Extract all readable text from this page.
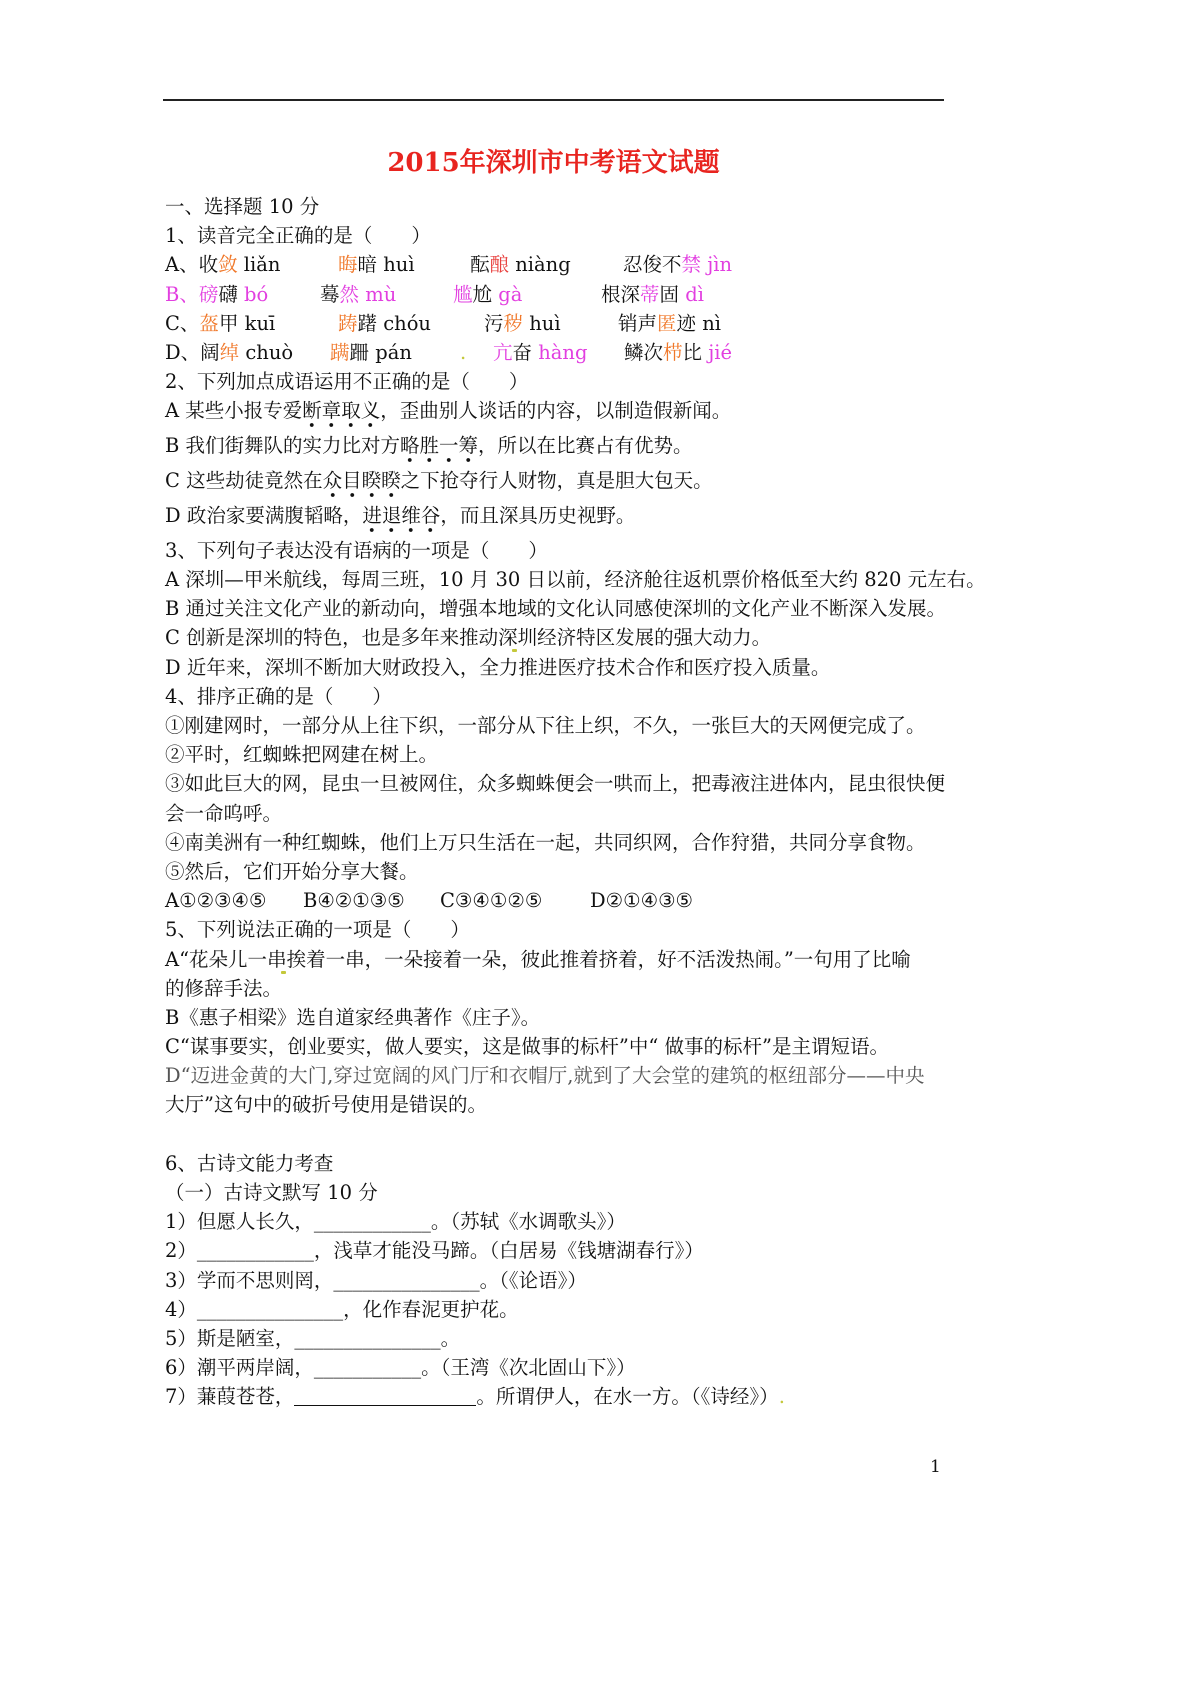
2015年深圳市中考语文试题
一、选择题 10 分
1、读音完全正确的是（　　）
A、收敛 liǎn	晦暗 huì	酝酿 niàng	忍俊不禁 jìn
B、磅礴 bó	蓦然 mù	尴尬 gà	根深蒂固 dì
C、盔甲 kuī	踌躇 chóu	污秽 huì	销声匿迹 nì
D、阔绰 chuò 蹒跚 pán . 亢奋 hàng 鳞次栉比 jié
2、下列加点成语运用不正确的是（　　）
A 某些小报专爱断章取义，歪曲别人谈话的内容，以制造假新闻。
B 我们街舞队的实力比对方略胜一筹，所以在比赛占有优势。
C 这些劫徒竟然在众目睽睽之下抢夺行人财物，真是胆大包天。
D 政治家要满腹韬略，进退维谷，而且深具历史视野。
3、下列句子表达没有语病的一项是（　　）
A 深圳—甲米航线，每周三班，10 月 30 日以前，经济舱往返机票价格低至大约 820 元左右。
B 通过关注文化产业的新动向，增强本地域的文化认同感使深圳的文化产业不断深入发展。
C 创新是深圳的特色，也是多年来推动深圳经济特区发展的强大动力。
D 近年来，深圳不断加大财政投入，全力推进医疗技术合作和医疗投入质量。
4、排序正确的是（　　）
①刚建网时，一部分从上往下织，一部分从下往上织，不久，一张巨大的天网便完成了。
②平时，红蜘蛛把网建在树上。
③如此巨大的网，昆虫一旦被网住，众多蜘蛛便会一哄而上，把毒液注进体内，昆虫很快便
会一命呜呼。
④南美洲有一种红蜘蛛，他们上万只生活在一起，共同织网，合作狩猎，共同分享食物。
⑤然后，它们开始分享大餐。
A①②③④⑤ B④②①③⑤ C③④①②⑤ D②①④③⑤
5、下列说法正确的一项是（　　）
A“花朵儿一串挨着一串，一朵接着一朵，彼此推着挤着，好不活泼热闹。”一句用了比喻
的修辞手法。
B《惠子相梁》选自道家经典著作《庄子》。
C“谋事要实，创业要实，做人要实，这是做事的标杆”中“ 做事的标杆”是主谓短语。
D“迈进金黄的大门,穿过宽阔的风门厅和衣帽厅,就到了大会堂的建筑的枢纽部分——中央
大厅”这句中的破折号使用是错误的。
6、古诗文能力考查
（一）古诗文默写 10 分
1）但愿人长久，____________。（苏轼《水调歌头》）
2）____________，浅草才能没马蹄。（白居易《钱塘湖春行》）
3）学而不思则罔，_______________。（《论语》）
4）_______________，化作春泥更护花。
5）斯是陋室，_______________。
6）潮平两岸阔，___________。（王湾《次北固山下》）
7）蒹葭苍苍，	。所谓伊人，在水一方。（《诗经》）.
1
